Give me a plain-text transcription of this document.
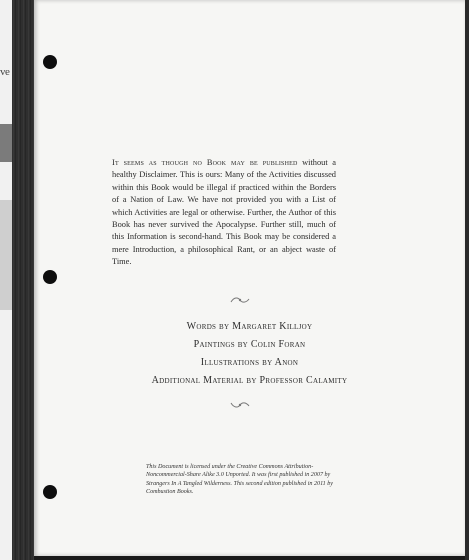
ve

It seems as though no Book may be published without a healthy Disclaimer. This is ours: Many of the Activities discussed within this Book would be illegal if practiced within the Borders of a Nation of Law. We have not provided you with a List of which Activities are legal or otherwise. Further, the Author of this Book has never survived the Apocalypse. Further still, much of this Information is second-hand. This Book may be considered a mere Introduction, a philosophical Rant, or an abject waste of Time.

Words by Margaret Killjoy
Paintings by Colin Foran
Illustrations by Anon
Additional Material by Professor Calamity
This Document is licensed under the Creative Commons Attribution-Noncommercial-Share Alike 3.0 Unported. It was first published in 2007 by Strangers In A Tangled Wilderness. This second edition published in 2011 by Combustion Books.
